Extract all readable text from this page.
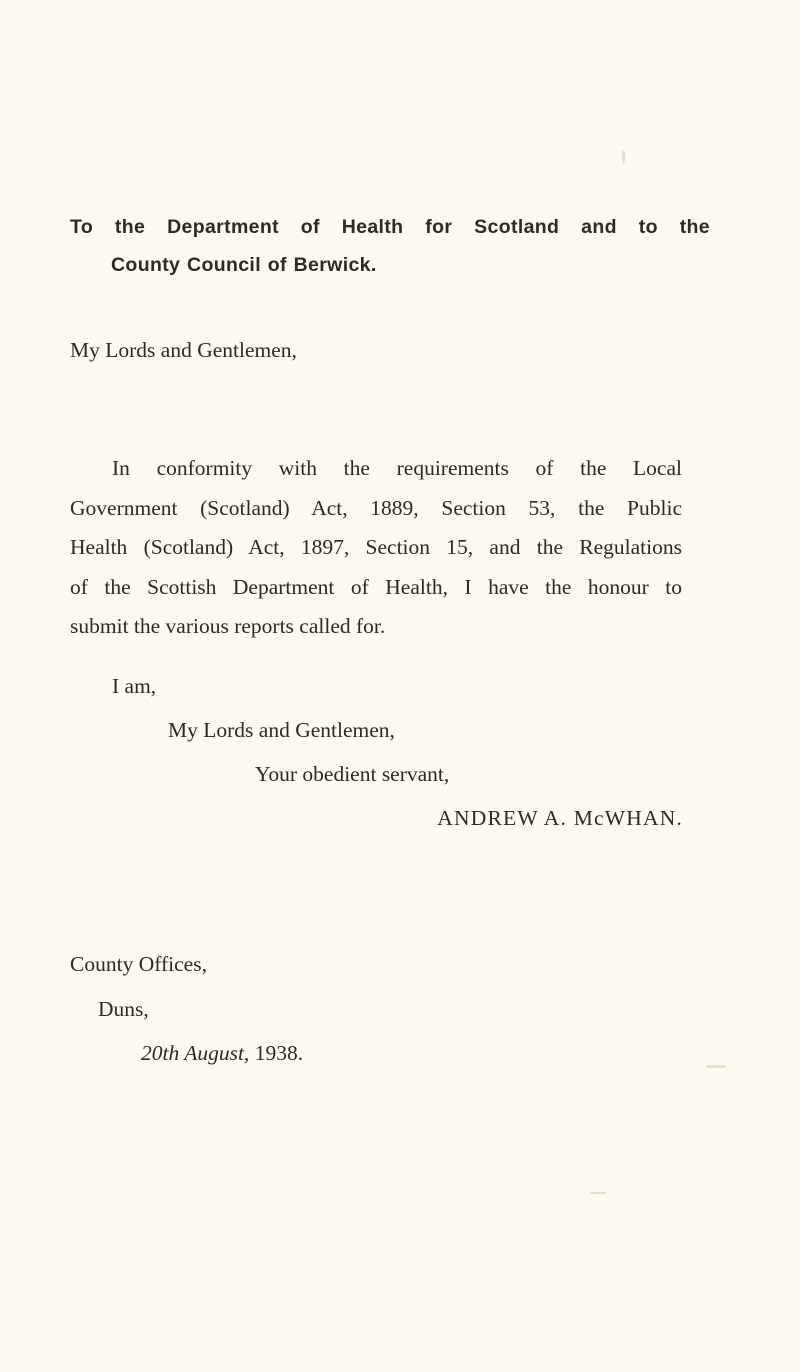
To the Department of Health for Scotland and to the
County Council of Berwick.
My Lords and Gentlemen,
In conformity with the requirements of the Local
Government (Scotland) Act, 1889, Section 53, the Public
Health (Scotland) Act, 1897, Section 15, and the Regulations
of the Scottish Department of Health, I have the honour to
submit the various reports called for.
I am,
My Lords and Gentlemen,
Your obedient servant,
ANDREW A. McWHAN.
County Offices,
Duns,
20th August, 1938.
